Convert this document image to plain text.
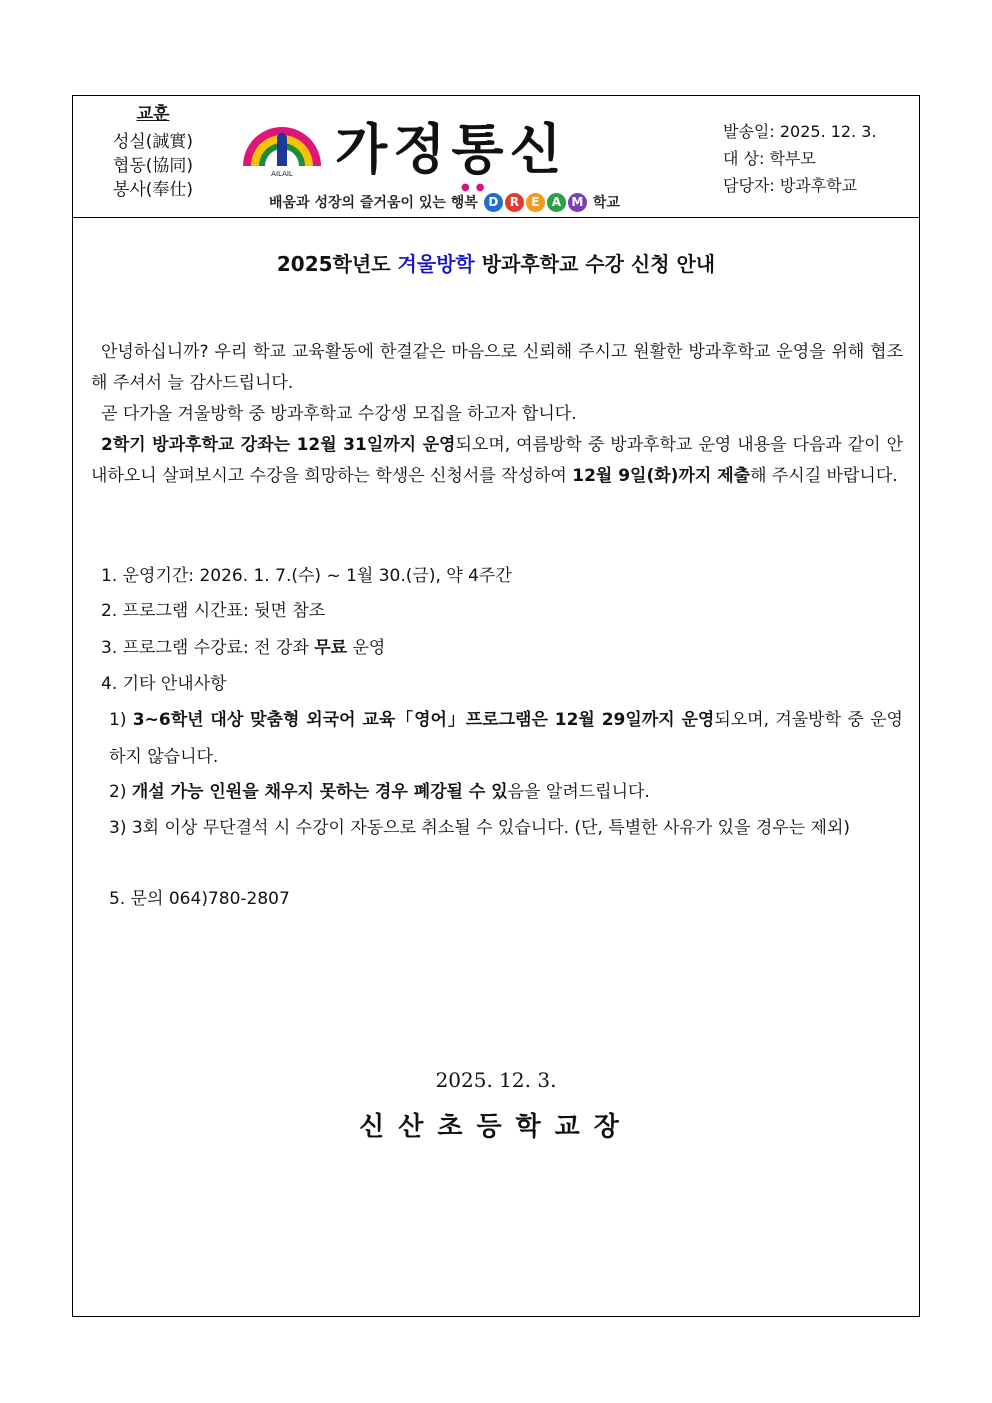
교훈
성실(誠實)
협동(協同)
봉사(奉仕)
AILAIL 가정통신
●●
배움과 성장의 즐거움이 있는 행복 D R	E	A M 학교
발송일: 2025. 12. 3.
대 상: 학부모
담당자: 방과후학교
2025학년도 겨울방학 방과후학교 수강 신청 안내
안녕하십니까? 우리 학교 교육활동에 한결같은 마음으로 신뢰해 주시고 원활한 방과후학교 운영을 위해 협조해 주셔서 늘 감사드립니다.
곧 다가올 겨울방학 중 방과후학교 수강생 모집을 하고자 합니다.
2학기 방과후학교 강좌는 12월 31일까지 운영되오며, 여름방학 중 방과후학교 운영 내용을 다음과 같이 안내하오니 살펴보시고 수강을 희망하는 학생은 신청서를 작성하여 12월 9일(화)까지 제출해 주시길 바랍니다.
1. 운영기간: 2026. 1. 7.(수) ~ 1월 30.(금), 약 4주간
2. 프로그램 시간표: 뒷면 참조
3. 프로그램 수강료: 전 강좌 무료 운영
4. 기타 안내사항
1) 3~6학년 대상 맞춤형 외국어 교육「영어」프로그램은 12월 29일까지 운영되오며, 겨울방학 중 운영하지 않습니다.
2) 개설 가능 인원을 채우지 못하는 경우 폐강될 수 있음을 알려드립니다.
3) 3회 이상 무단결석 시 수강이 자동으로 취소될 수 있습니다. (단, 특별한 사유가 있을 경우는 제외)
5. 문의 064)780-2807
2025. 12. 3.
신산초등학교장
